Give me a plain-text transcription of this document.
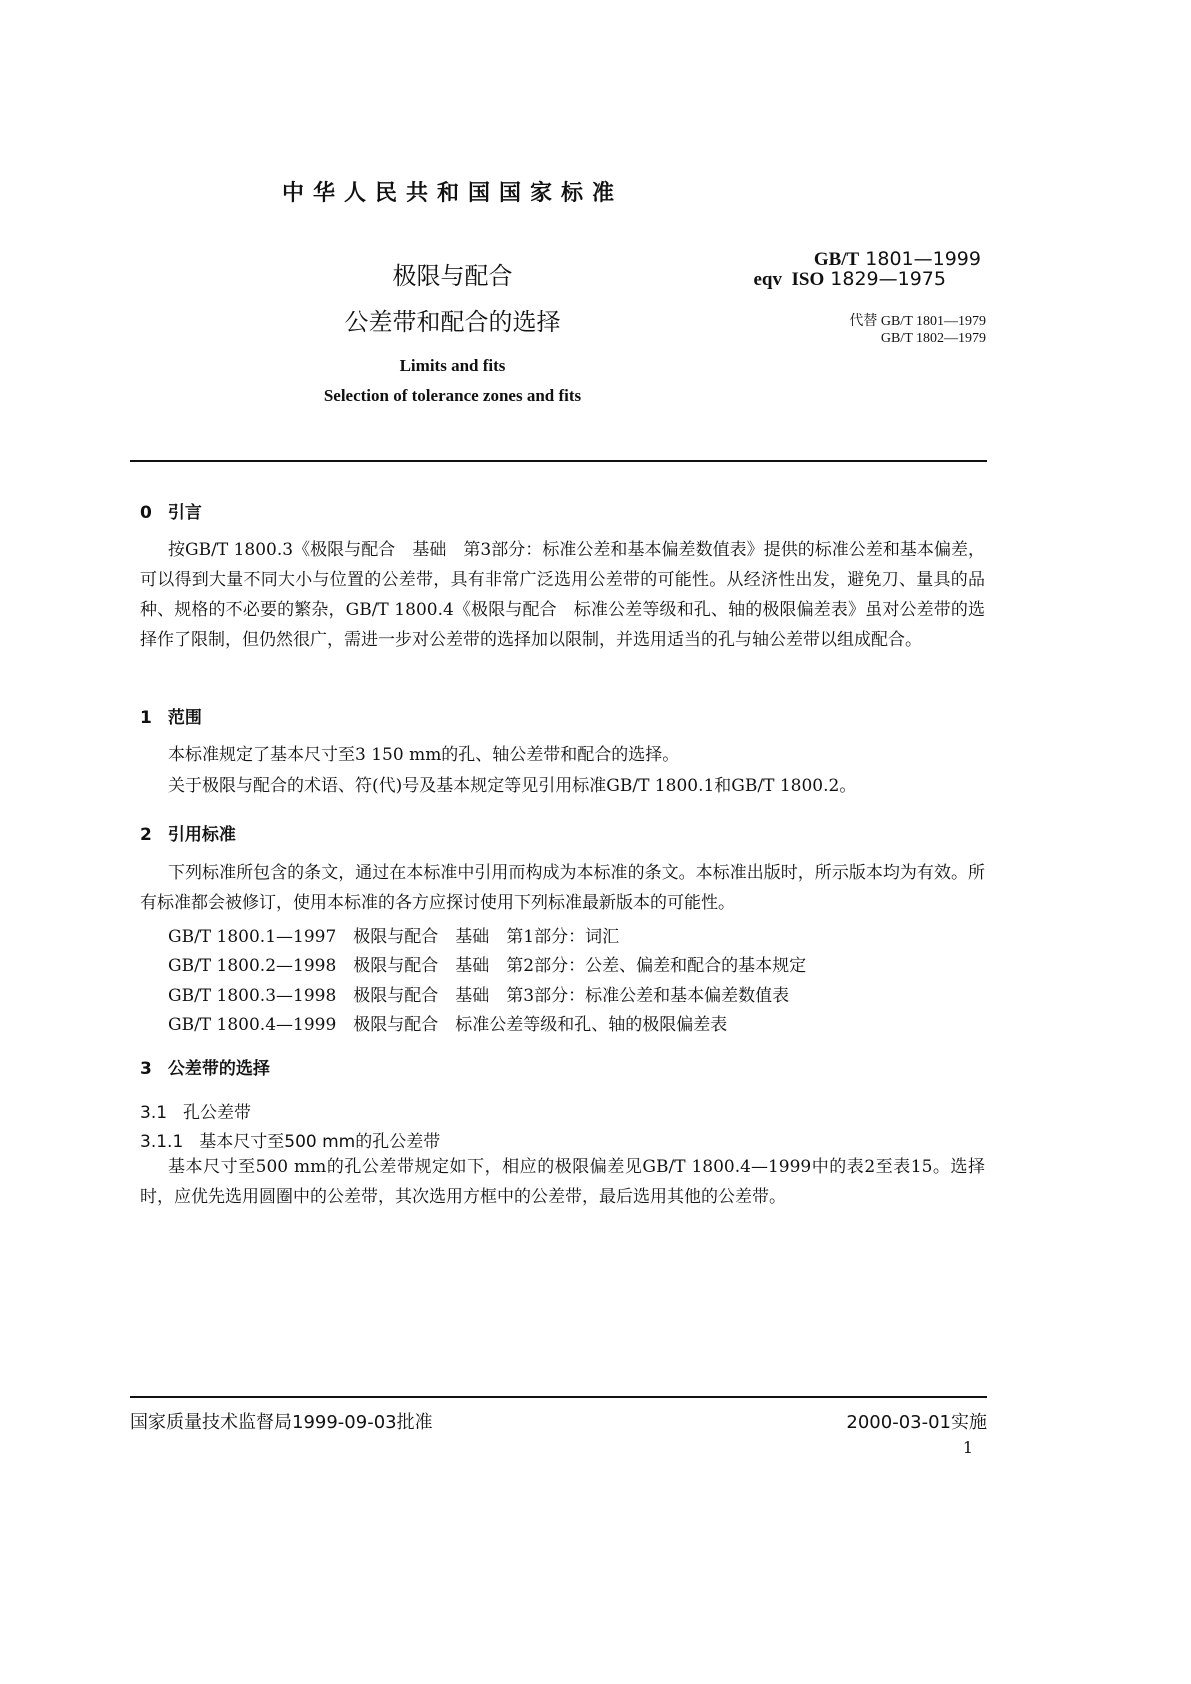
中华人民共和国国家标准
极限与配合
公差带和配合的选择
Limits and fits
Selection of tolerance zones and fits
GB/T 1801—1999
eqv  ISO 1829—1975
代替 GB/T 1801—1979
GB/T 1802—1979
0 引言
按GB/T 1800.3《极限与配合　基础　第3部分：标准公差和基本偏差数值表》提供的标准公差和基本偏差，可以得到大量不同大小与位置的公差带，具有非常广泛选用公差带的可能性。从经济性出发，避免刀、量具的品种、规格的不必要的繁杂，GB/T 1800.4《极限与配合　标准公差等级和孔、轴的极限偏差表》虽对公差带的选择作了限制，但仍然很广，需进一步对公差带的选择加以限制，并选用适当的孔与轴公差带以组成配合。
1 范围
本标准规定了基本尺寸至3 150 mm的孔、轴公差带和配合的选择。
关于极限与配合的术语、符(代)号及基本规定等见引用标准GB/T 1800.1和GB/T 1800.2。
2 引用标准
下列标准所包含的条文，通过在本标准中引用而构成为本标准的条文。本标准出版时，所示版本均为有效。所有标准都会被修订，使用本标准的各方应探讨使用下列标准最新版本的可能性。
GB/T 1800.1—1997　极限与配合　基础　第1部分：词汇
GB/T 1800.2—1998　极限与配合　基础　第2部分：公差、偏差和配合的基本规定
GB/T 1800.3—1998　极限与配合　基础　第3部分：标准公差和基本偏差数值表
GB/T 1800.4—1999　极限与配合　标准公差等级和孔、轴的极限偏差表
3 公差带的选择
3.1 孔公差带
3.1.1 基本尺寸至500 mm的孔公差带
基本尺寸至500 mm的孔公差带规定如下，相应的极限偏差见GB/T 1800.4—1999中的表2至表15。选择时，应优先选用圆圈中的公差带，其次选用方框中的公差带，最后选用其他的公差带。
国家质量技术监督局1999-09-03批准	2000-03-01实施
1
